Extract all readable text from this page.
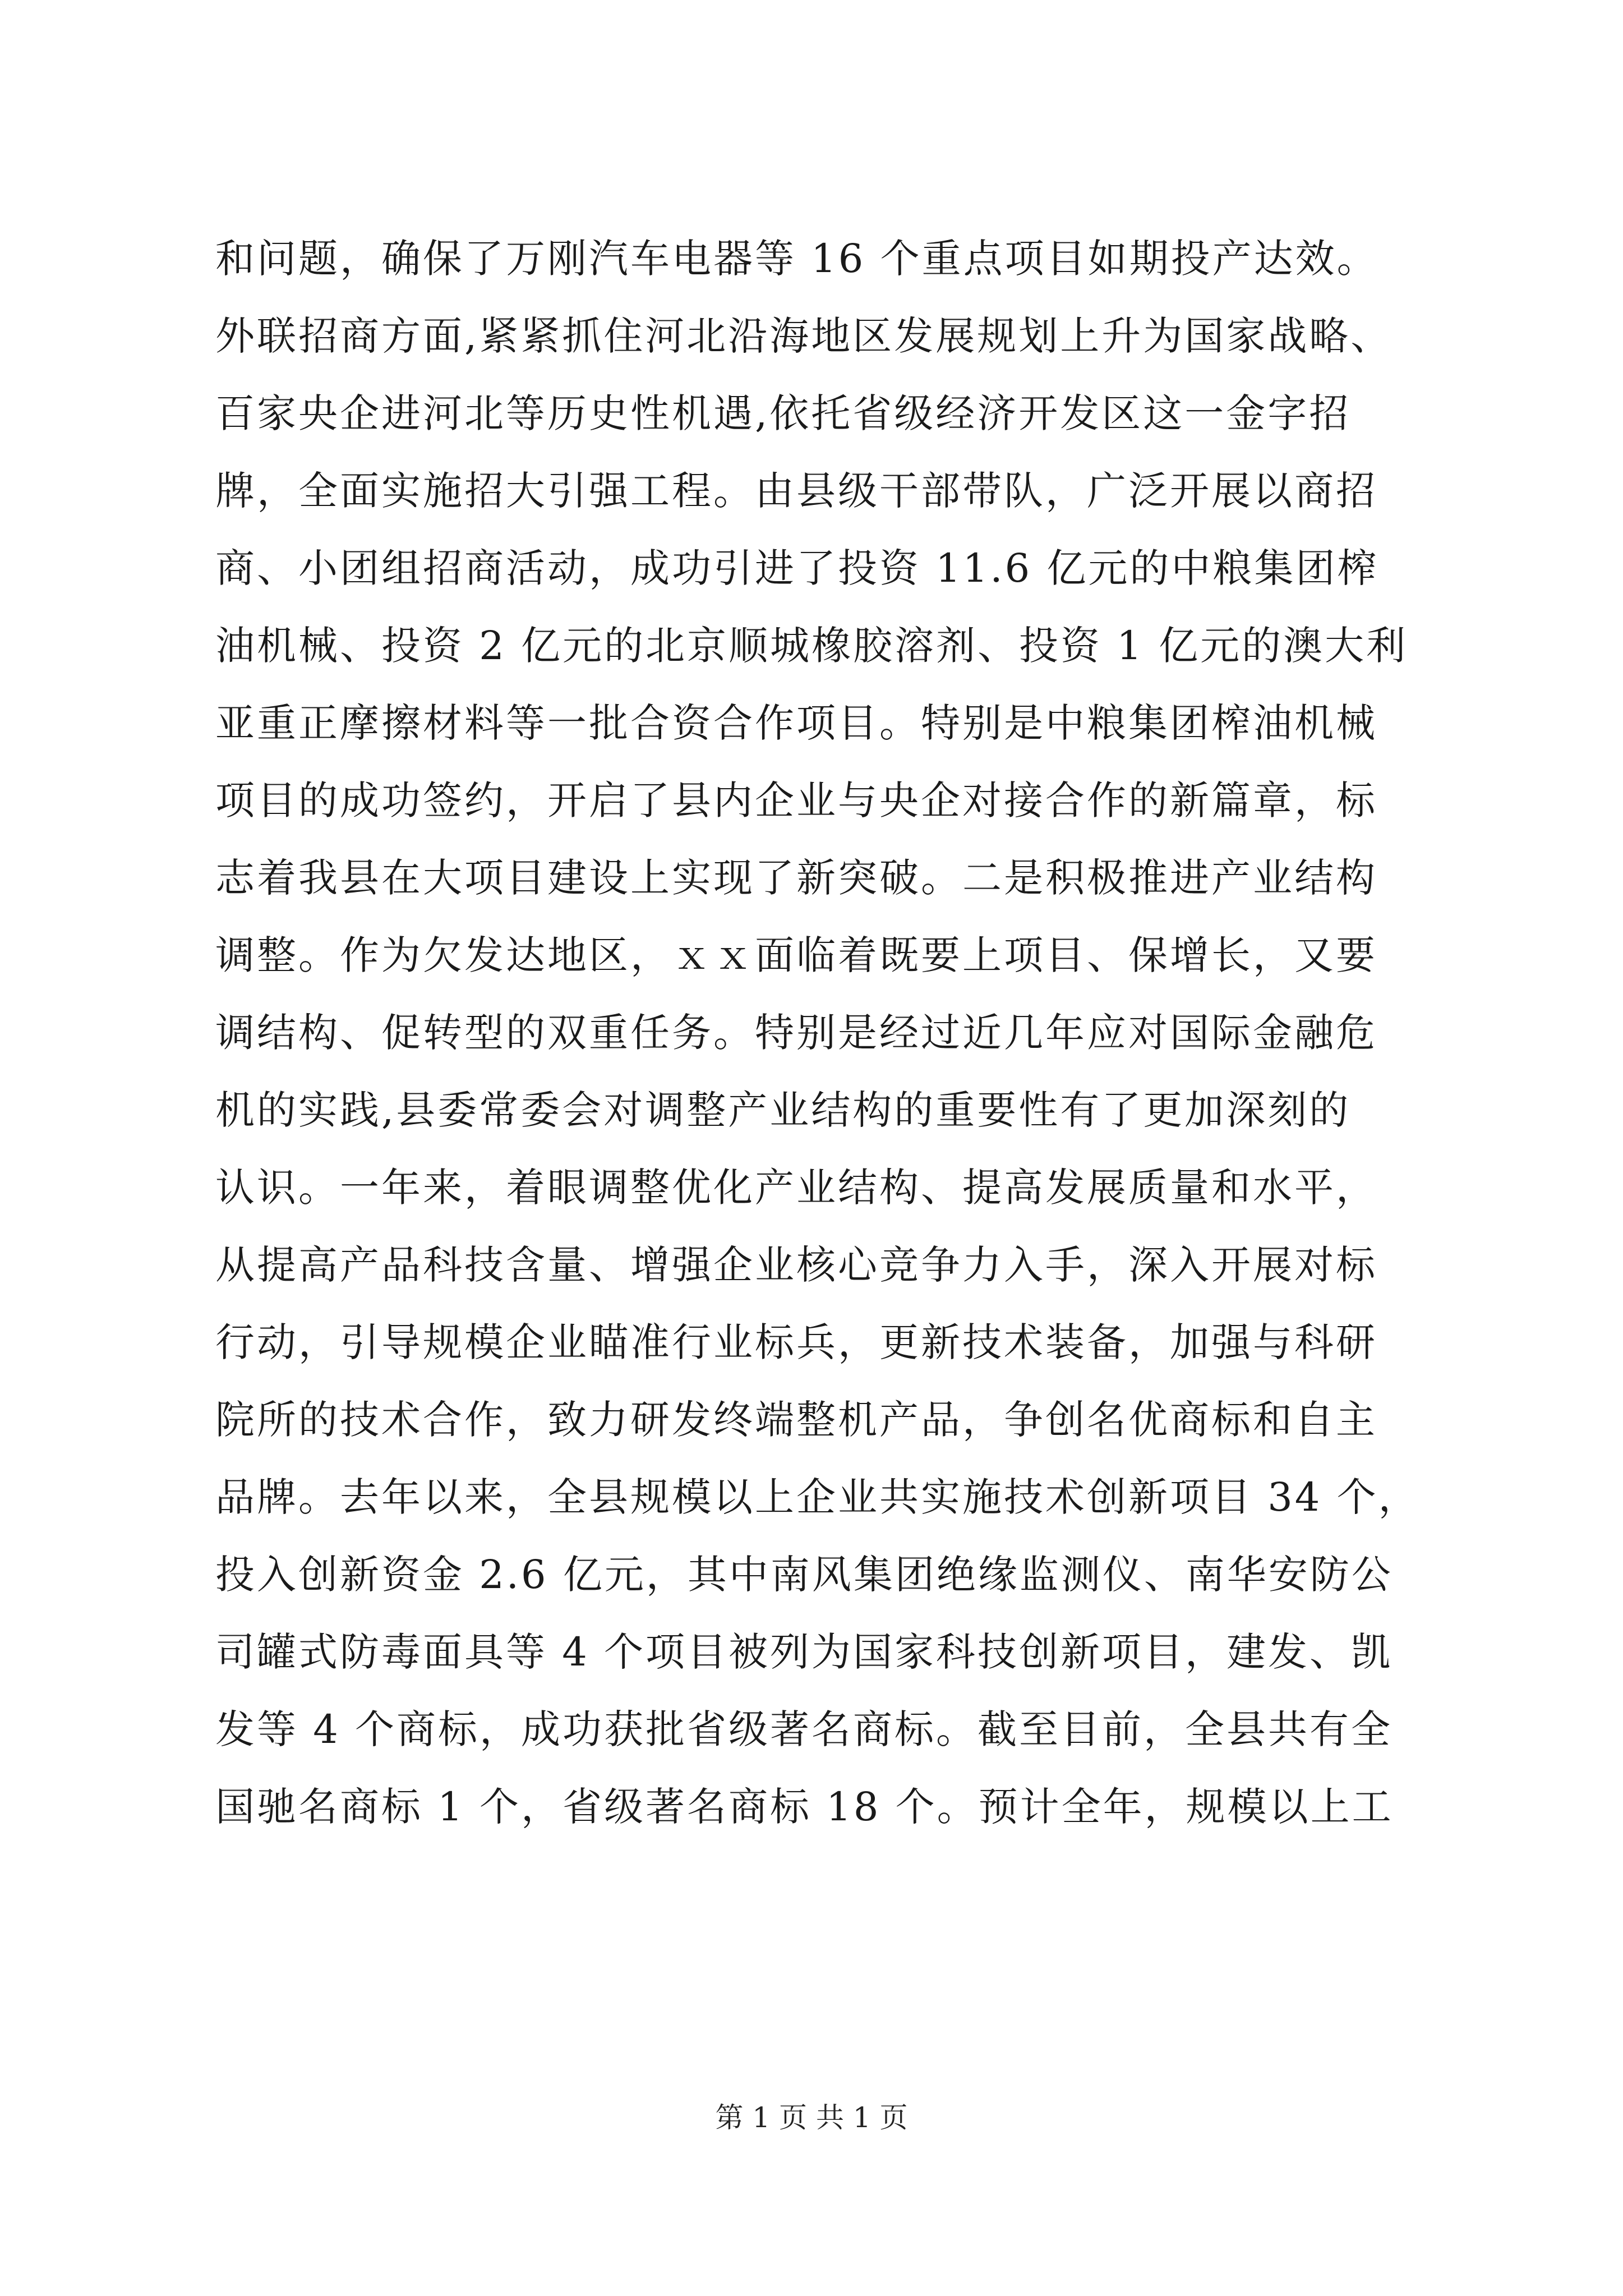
和问题，确保了万刚汽车电器等 16 个重点项目如期投产达效。
外联招商方面,紧紧抓住河北沿海地区发展规划上升为国家战略、
百家央企进河北等历史性机遇,依托省级经济开发区这一金字招
牌，全面实施招大引强工程。由县级干部带队，广泛开展以商招
商、小团组招商活动，成功引进了投资 11.6 亿元的中粮集团榨
油机械、投资 2 亿元的北京顺城橡胶溶剂、投资 1 亿元的澳大利
亚重正摩擦材料等一批合资合作项目。特别是中粮集团榨油机械
项目的成功签约，开启了县内企业与央企对接合作的新篇章，标
志着我县在大项目建设上实现了新突破。二是积极推进产业结构
调整。作为欠发达地区，ｘｘ面临着既要上项目、保增长，又要
调结构、促转型的双重任务。特别是经过近几年应对国际金融危
机的实践,县委常委会对调整产业结构的重要性有了更加深刻的
认识。一年来，着眼调整优化产业结构、提高发展质量和水平，
从提高产品科技含量、增强企业核心竞争力入手，深入开展对标
行动，引导规模企业瞄准行业标兵，更新技术装备，加强与科研
院所的技术合作，致力研发终端整机产品，争创名优商标和自主
品牌。去年以来，全县规模以上企业共实施技术创新项目 34 个，
投入创新资金 2.6 亿元，其中南风集团绝缘监测仪、南华安防公
司罐式防毒面具等 4 个项目被列为国家科技创新项目，建发、凯
发等 4 个商标，成功获批省级著名商标。截至目前，全县共有全
国驰名商标 1 个，省级著名商标 18 个。预计全年，规模以上工
第 1 页 共 1 页
